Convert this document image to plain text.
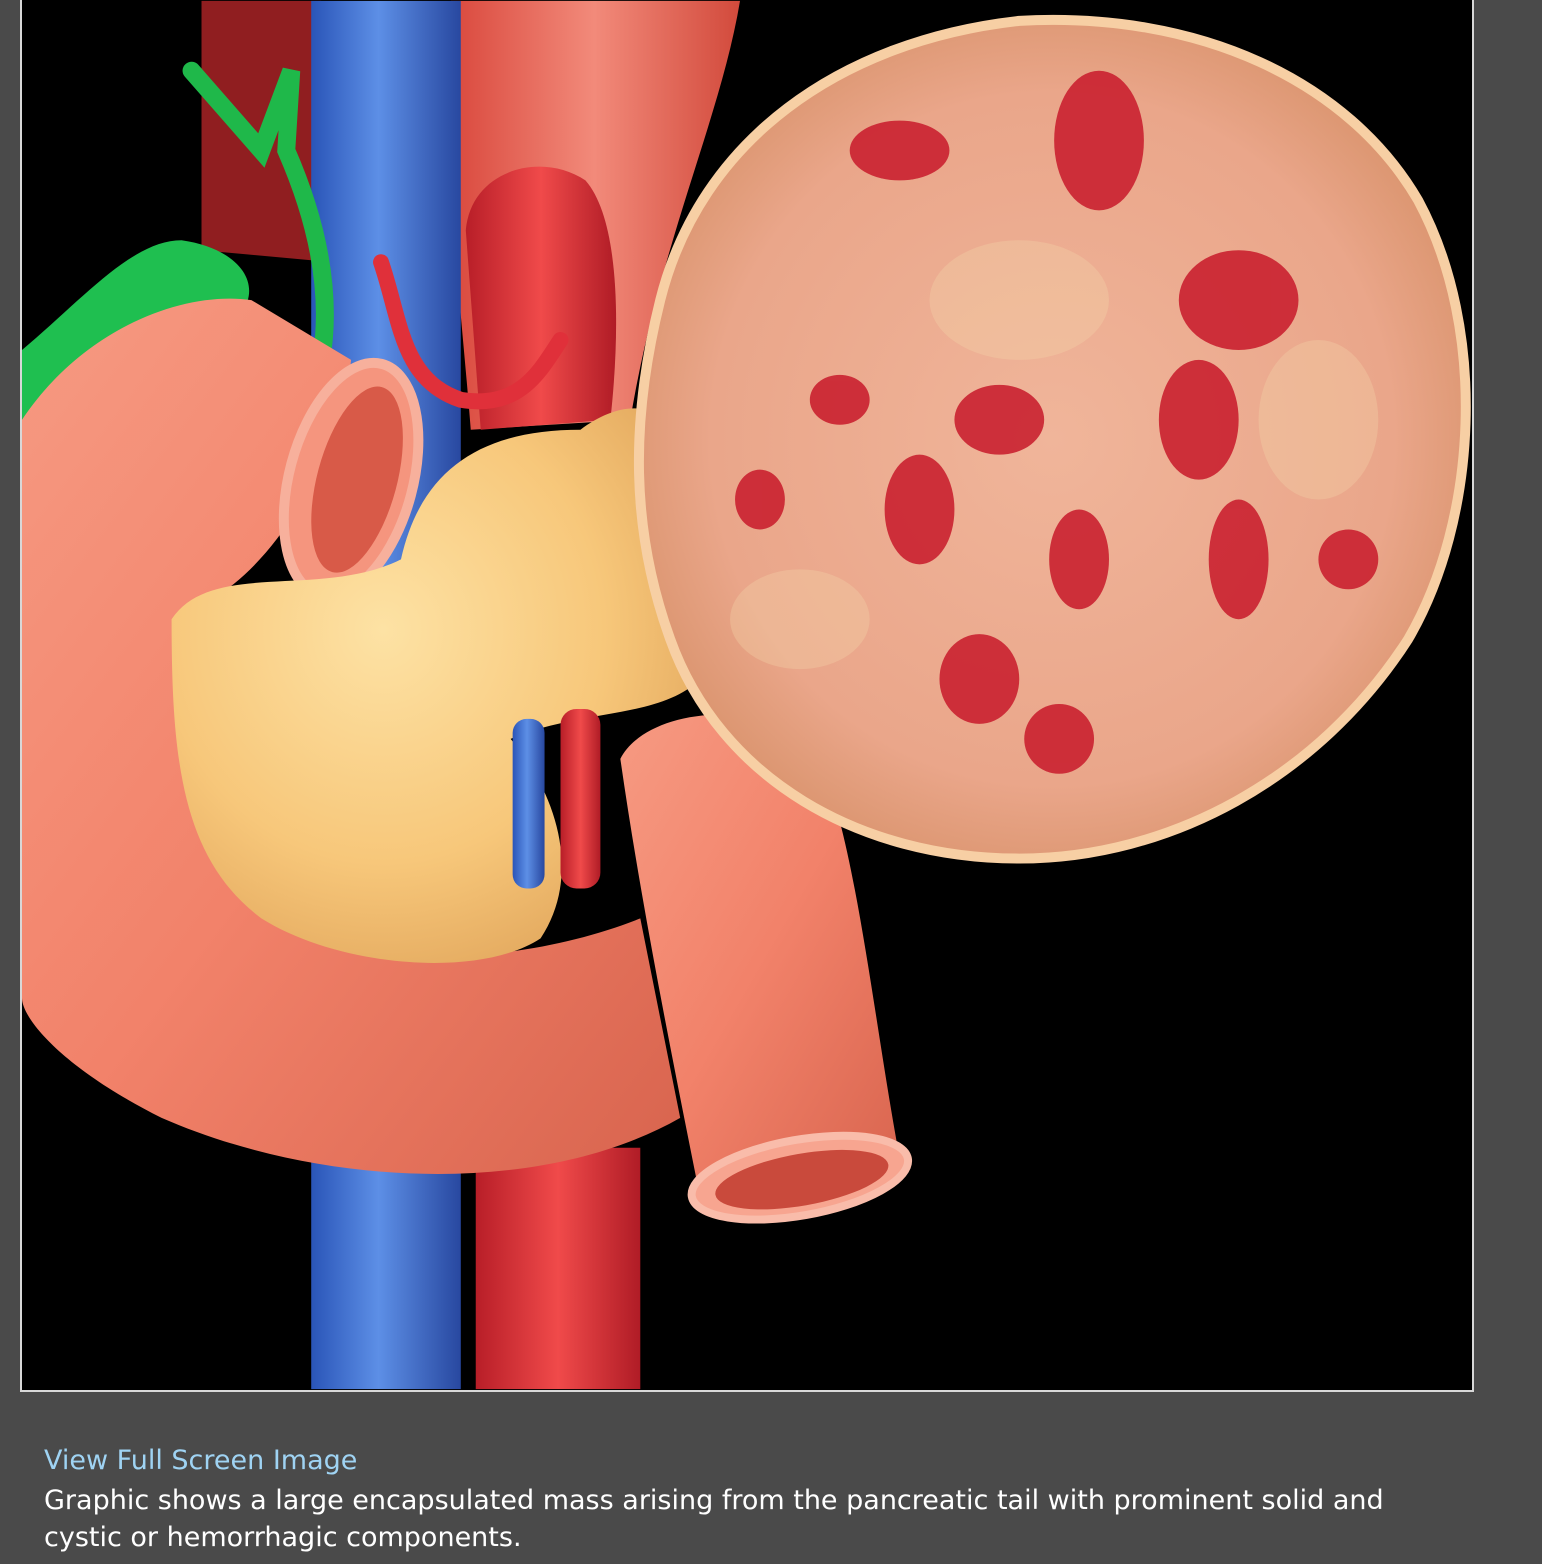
View Full Screen Image

Graphic shows a large encapsulated mass arising from the pancreatic tail with prominent solid and cystic or hemorrhagic components.
